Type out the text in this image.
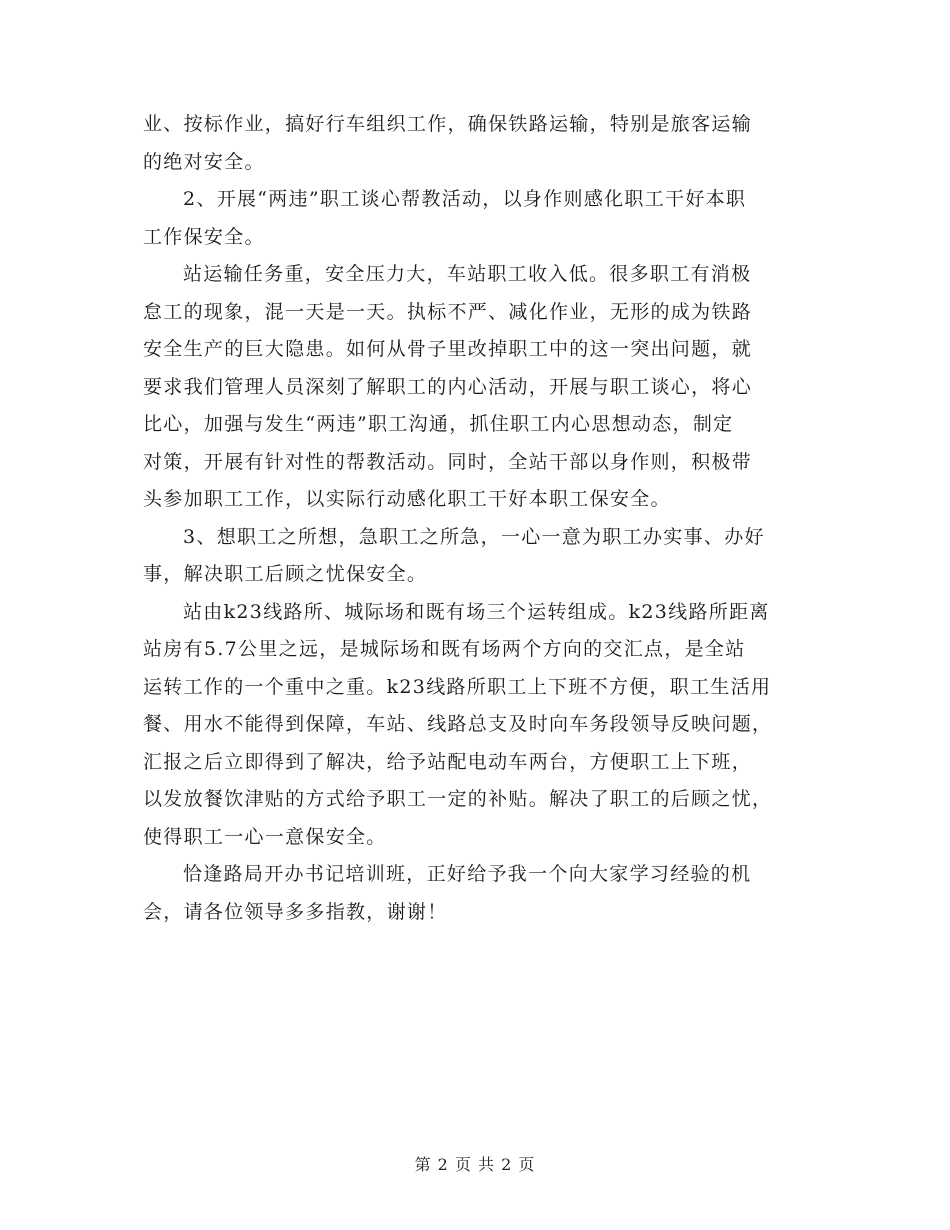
业、按标作业，搞好行车组织工作，确保铁路运输，特别是旅客运输
的绝对安全。
2、开展“两违”职工谈心帮教活动，以身作则感化职工干好本职
工作保安全。
站运输任务重，安全压力大，车站职工收入低。很多职工有消极
怠工的现象，混一天是一天。执标不严、减化作业，无形的成为铁路
安全生产的巨大隐患。如何从骨子里改掉职工中的这一突出问题，就
要求我们管理人员深刻了解职工的内心活动，开展与职工谈心，将心
比心，加强与发生“两违”职工沟通，抓住职工内心思想动态，制定
对策，开展有针对性的帮教活动。同时，全站干部以身作则，积极带
头参加职工工作，以实际行动感化职工干好本职工保安全。
3、想职工之所想，急职工之所急，一心一意为职工办实事、办好
事，解决职工后顾之忧保安全。
站由k23线路所、城际场和既有场三个运转组成。k23线路所距离
站房有5.7公里之远，是城际场和既有场两个方向的交汇点，是全站
运转工作的一个重中之重。k23线路所职工上下班不方便，职工生活用
餐、用水不能得到保障，车站、线路总支及时向车务段领导反映问题，
汇报之后立即得到了解决，给予站配电动车两台，方便职工上下班，
以发放餐饮津贴的方式给予职工一定的补贴。解决了职工的后顾之忧，
使得职工一心一意保安全。
恰逢路局开办书记培训班，正好给予我一个向大家学习经验的机
会，请各位领导多多指教，谢谢！
第 2 页 共 2 页
